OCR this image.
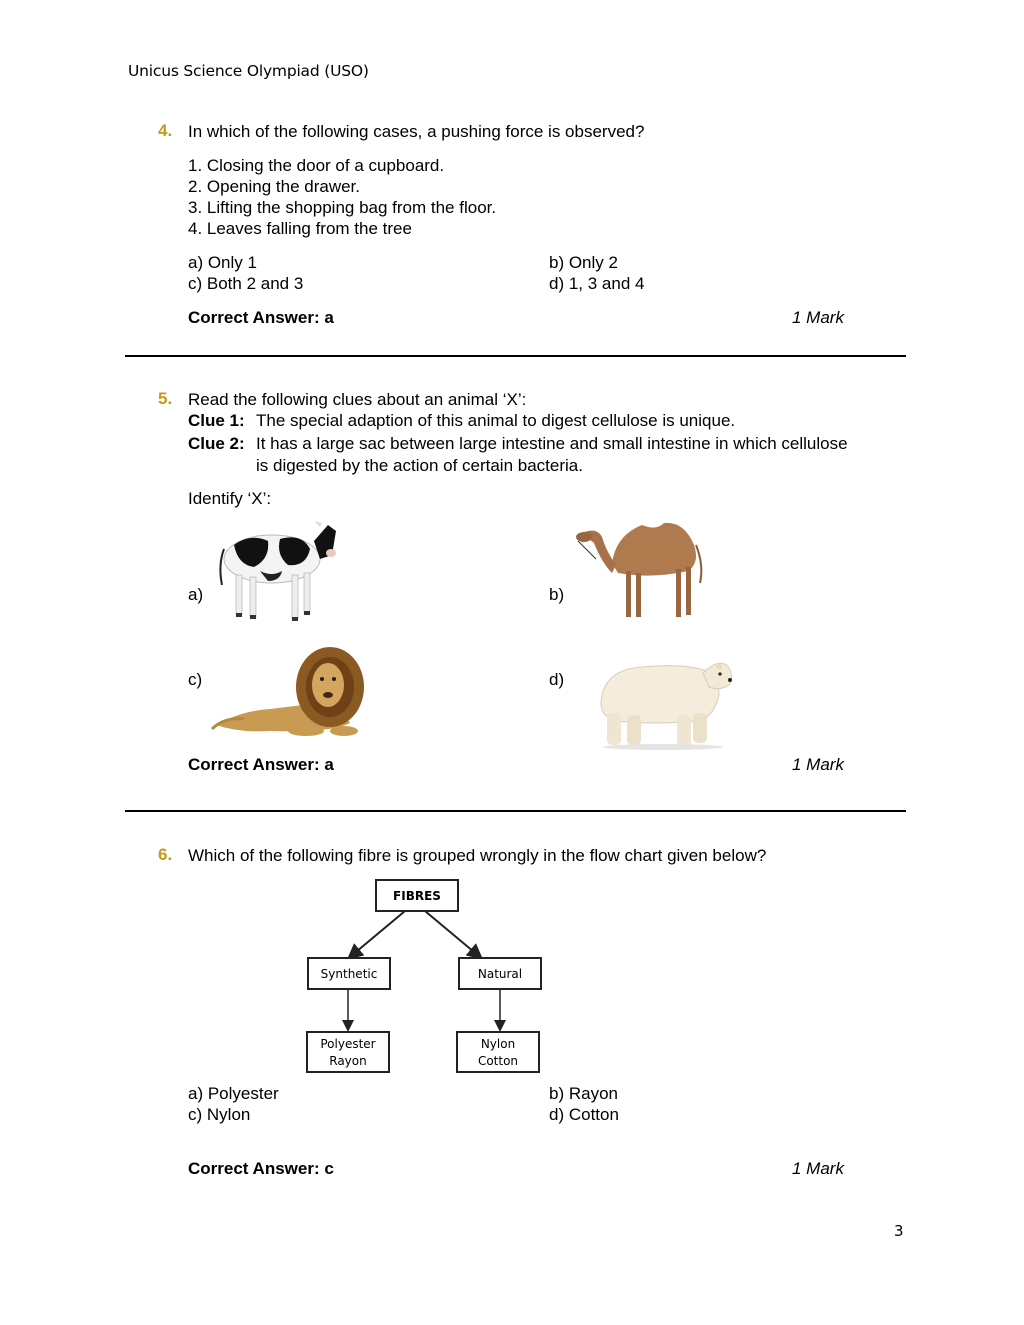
Unicus Science Olympiad (USO)
4. In which of the following cases, a pushing force is observed?
1. Closing the door of a cupboard.
2. Opening the drawer.
3. Lifting the shopping bag from the floor.
4. Leaves falling from the tree
a) Only 1	b) Only 2
c) Both 2 and 3	d) 1, 3 and 4
Correct Answer: a	1 Mark
5. Read the following clues about an animal ‘X’:
Clue 1: The special adaption of this animal to digest cellulose is unique.
Clue 2: It has a large sac between large intestine and small intestine in which cellulose
is digested by the action of certain bacteria.
Identify ‘X’:
a)	b)
c)	d)
Correct Answer: a	1 Mark
6. Which of the following fibre is grouped wrongly in the flow chart given below?
FIBRES
Synthetic	Natural
Polyester
Rayon
Nylon
Cotton
a) Polyester	b) Rayon
c) Nylon	d) Cotton
Correct Answer: c	1 Mark
3
